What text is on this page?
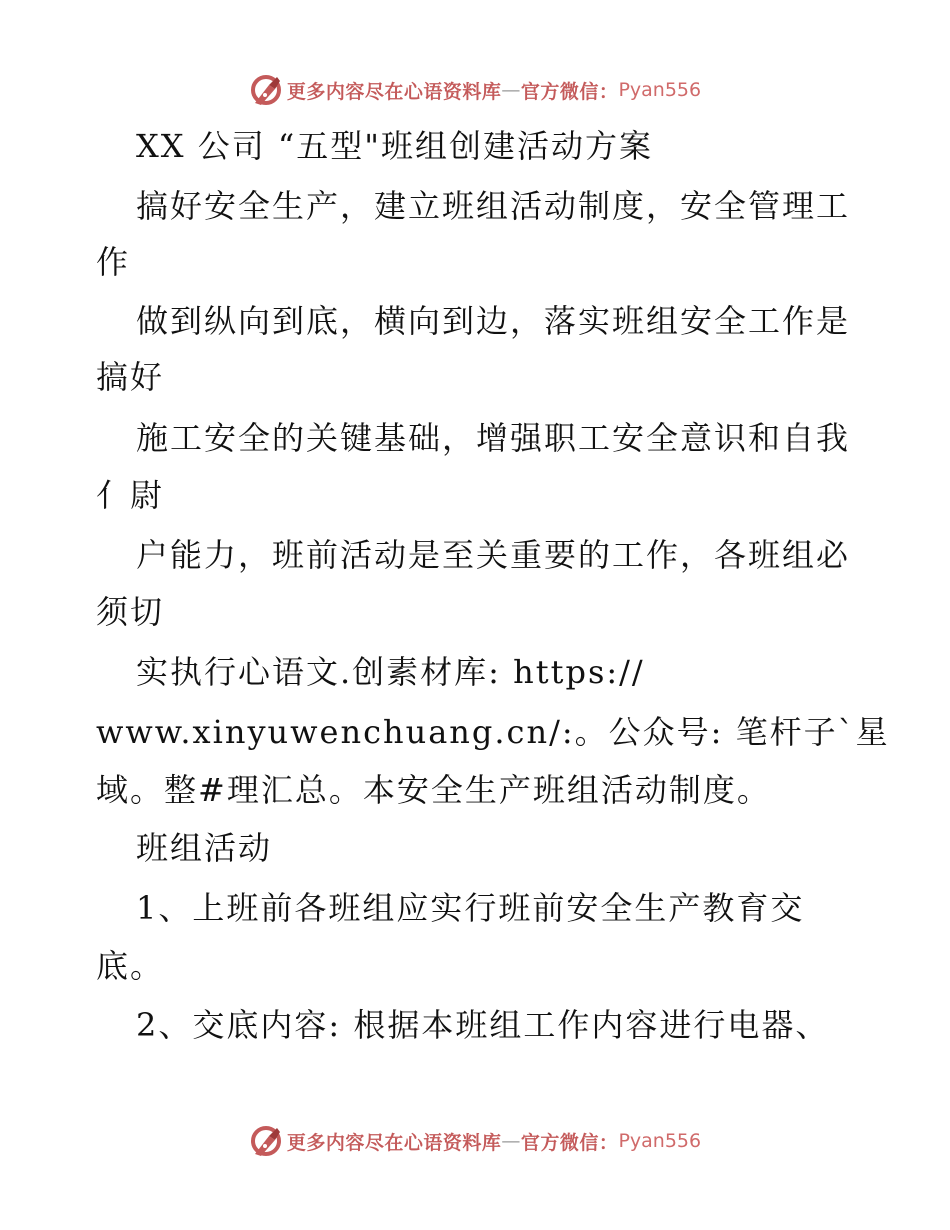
更多内容尽在心语资料库 — 官方微信： Pyan556
XX 公司 “五型"班组创建活动方案
搞好安全生产，建立班组活动制度，安全管理工
作
做到纵向到底，横向到边，落实班组安全工作是
搞好
施工安全的关键基础，增强职工安全意识和自我
亻尉
户能力，班前活动是至关重要的工作，各班组必
须切
实执行心语文.创素材库: https://
www.xinyuwenchuang.cn/:。公众号: 笔杆子`星
域。整#理汇总。本安全生产班组活动制度。
班组活动
1、上班前各班组应实行班前安全生产教育交
底。
2、交底内容: 根据本班组工作内容进行电器、
更多内容尽在心语资料库 — 官方微信： Pyan556
